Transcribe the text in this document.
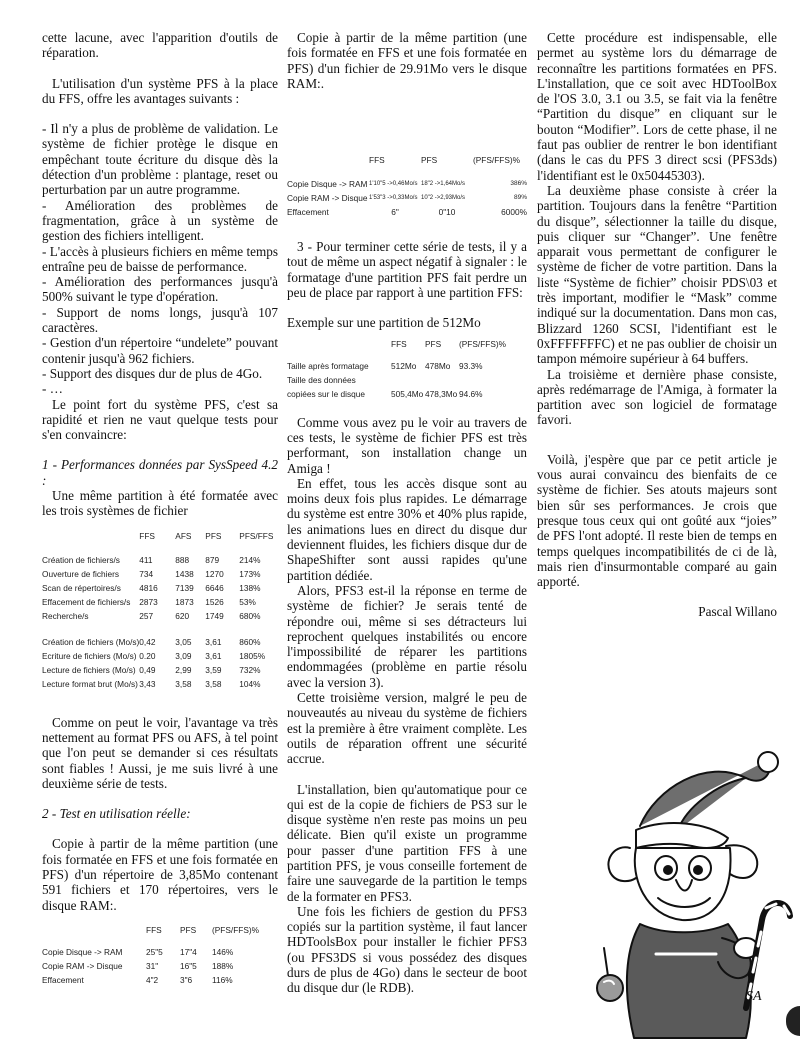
cette lacune, avec l'apparition d'outils de réparation.

L'utilisation d'un système PFS à la place du FFS, offre les avantages suivants :

- Il n'y a plus de problème de validation. Le système de fichier protège le disque en empêchant toute écriture du disque dès la détection d'un problème : plantage, reset ou perturbation par un autre programme.

- Amélioration des problèmes de fragmentation, grâce à un système de gestion des fichiers intelligent.

- L'accès à plusieurs fichiers en même temps entraîne peu de baisse de performance.

- Amélioration des performances jusqu'à 500% suivant le type d'opération.

- Support de noms longs, jusqu'à 107 caractères.

- Gestion d'un répertoire “undelete” pouvant contenir jusqu'à 962 fichiers.

- Support des disques dur de plus de 4Go.

- …

Le point fort du système PFS, c'est sa rapidité et rien ne vaut quelque tests pour s'en convaincre:

1 - Performances données par SysSpeed 4.2 :

Une même partition à été formatée avec les trois systèmes de fichier

	FFS	AFS	PFS	PFS/FFS

Création de fichiers/s	411	888	879	214%
Ouverture de fichiers	734	1438	1270	173%
Scan de répertoires/s	4816	7139	6646	138%
Effacement de fichiers/s	2873	1873	1526	53%
Recherche/s	257	620	1749	680%

Création de fichiers (Mo/s)	0,42	3,05	3,61	860%
Ecriture de fichiers (Mo/s)	0.20	3,09	3,61	1805%
Lecture de fichiers (Mo/s)	0,49	2,99	3,59	732%
Lecture format brut (Mo/s)	3,43	3,58	3,58	104%

Comme on peut le voir, l'avantage va très nettement au format PFS ou AFS, à tel point que l'on peut se demander si ces résultats sont fiables ! Aussi, je me suis livré à une deuxième série de tests.

2 - Test en utilisation réelle:

Copie à partir de la même partition (une fois formatée en FFS et une fois formatée en PFS) d'un répertoire de 3,85Mo contenant 591 fichiers et 170 répertoires, vers le disque RAM:.

	FFS	PFS	(PFS/FFS)%

Copie Disque -> RAM	25"5	17"4	146%
Copie RAM -> Disque	31"	16"5	188%
Effacement	4"2	3"6	116%

Copie à partir de la même partition (une fois formatée en FFS et une fois formatée en PFS) d'un fichier de 29.91Mo vers le disque RAM:.

	FFS	PFS	(PFS/FFS)%

Copie Disque -> RAM	1'10"5 ->0,46Mo/s	18"2 ->1,64Mo/s	386%
Copie RAM -> Disque	1'53"3 ->0,33Mo/s	10"2 ->2,93Mo/s	89%
Effacement	6"	0"10	6000%

3 - Pour terminer cette série de tests, il y a tout de même un aspect négatif à signaler : le formatage d'une partition PFS fait perdre un peu de place par rapport à une partition FFS:

Exemple sur une partition de 512Mo

	FFS	PFS	(PFS/FFS)%

Taille après formatage	512Mo	478Mo	93.3%
Taille des données			
copiées sur le disque	505,4Mo	478,3Mo	94.6%

Comme vous avez pu le voir au travers de ces tests, le système de fichier PFS est très performant, son installation change un Amiga !

En effet, tous les accès disque sont au moins deux fois plus rapides. Le démarrage du système est entre 30% et 40% plus rapide, les animations lues en direct du disque dur deviennent fluides, les fichiers disque dur de ShapeShifter sont aussi rapides qu'une partition dédiée.

Alors, PFS3 est-il la réponse en terme de système de fichier? Je serais tenté de répondre oui, même si ses détracteurs lui reprochent quelques instabilités ou encore l'impossibilité de réparer les partitions endommagées (problème en partie résolu avec la version 3).

Cette troisième version, malgré le peu de nouveautés au niveau du système de fichiers est la première à être vraiment complète. Les outils de réparation offrent une sécurité accrue.

L'installation, bien qu'automatique pour ce qui est de la copie de fichiers de PS3 sur le disque système n'en reste pas moins un peu délicate. Bien qu'il existe un programme pour passer d'une partition FFS à une partition PFS, je vous conseille fortement de faire une sauvegarde de la partition le temps de la formater en PFS3.

Une fois les fichiers de gestion du PFS3 copiés sur la partition système, il faut lancer HDToolsBox pour installer le fichier PFS3 (ou PFS3DS si vous possédez des disques durs de plus de 4Go) dans le secteur de boot du disque dur (le RDB).

Cette procédure est indispensable, elle permet au système lors du démarrage de reconnaître les partitions formatées en PFS. L'installation, que ce soit avec HDToolBox de l'OS 3.0, 3.1 ou 3.5, se fait via la fenêtre “Partition du disque” en cliquant sur le bouton “Modifier”. Lors de cette phase, il ne faut pas oublier de rentrer le bon identifiant (dans le cas du PFS 3 direct scsi (PFS3ds) l'identifiant est le 0x50445303).

La deuxième phase consiste à créer la partition. Toujours dans la fenêtre “Partition du disque”, sélectionner la taille du disque, puis cliquer sur “Changer”. Une fenêtre apparait vous permettant de configurer le système de ficher de votre partition. Dans la liste “Système de fichier” choisir PDS\03 et très important, modifier le “Mask” comme indiqué sur la documentation. Dans mon cas, Blizzard 1260 SCSI, l'identifiant est le 0xFFFFFFFC) et ne pas oublier de choisir un tampon mémoire supérieur à 64 buffers.

La troisième et dernière phase consiste, après redémarrage de l'Amiga, à formater la partition avec son logiciel de formatage favori.

Voilà, j'espère que par ce petit article je vous aurai convaincu des bienfaits de ce système de fichier. Ses atouts majeurs sont bien sûr ses performances. Je crois que presque tous ceux qui ont goûté aux “joies” de PFS l'ont adopté. Il reste bien de temps en temps quelques incompatibilités de ci de là, mais rien d'insurmontable comparé au gain apporté.

Pascal Willano

SA
